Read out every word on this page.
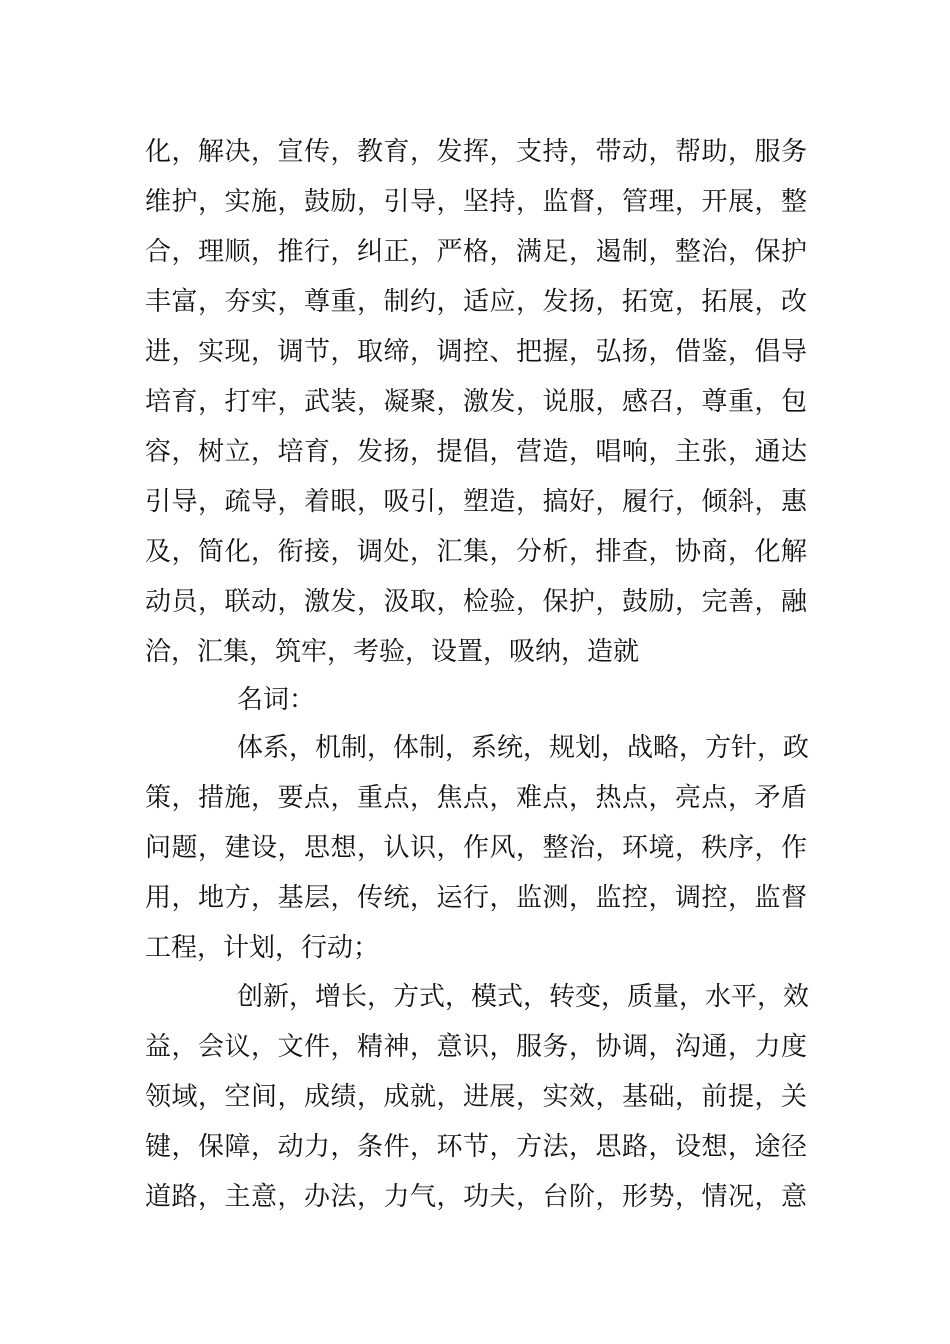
化，解决，宣传，教育，发挥，支持，带动，帮助，服务
维护，实施，鼓励，引导，坚持，监督，管理，开展，整
合，理顺，推行，纠正，严格，满足，遏制，整治，保护
丰富，夯实，尊重，制约，适应，发扬，拓宽，拓展，改
进，实现，调节，取缔，调控、把握，弘扬，借鉴，倡导
培育，打牢，武装，凝聚，激发，说服，感召，尊重，包
容，树立，培育，发扬，提倡，营造，唱响，主张，通达
引导，疏导，着眼，吸引，塑造，搞好，履行，倾斜，惠
及，简化，衔接，调处，汇集，分析，排查，协商，化解
动员，联动，激发，汲取，检验，保护，鼓励，完善，融
洽，汇集，筑牢，考验，设置，吸纳，造就
名词：
体系，机制，体制，系统，规划，战略，方针，政
策，措施，要点，重点，焦点，难点，热点，亮点，矛盾
问题，建设，思想，认识，作风，整治，环境，秩序，作
用，地方，基层，传统，运行，监测，监控，调控，监督
工程，计划，行动；
创新，增长，方式，模式，转变，质量，水平，效
益，会议，文件，精神，意识，服务，协调，沟通，力度
领域，空间，成绩，成就，进展，实效，基础，前提，关
键，保障，动力，条件，环节，方法，思路，设想，途径
道路，主意，办法，力气，功夫，台阶，形势，情况，意
